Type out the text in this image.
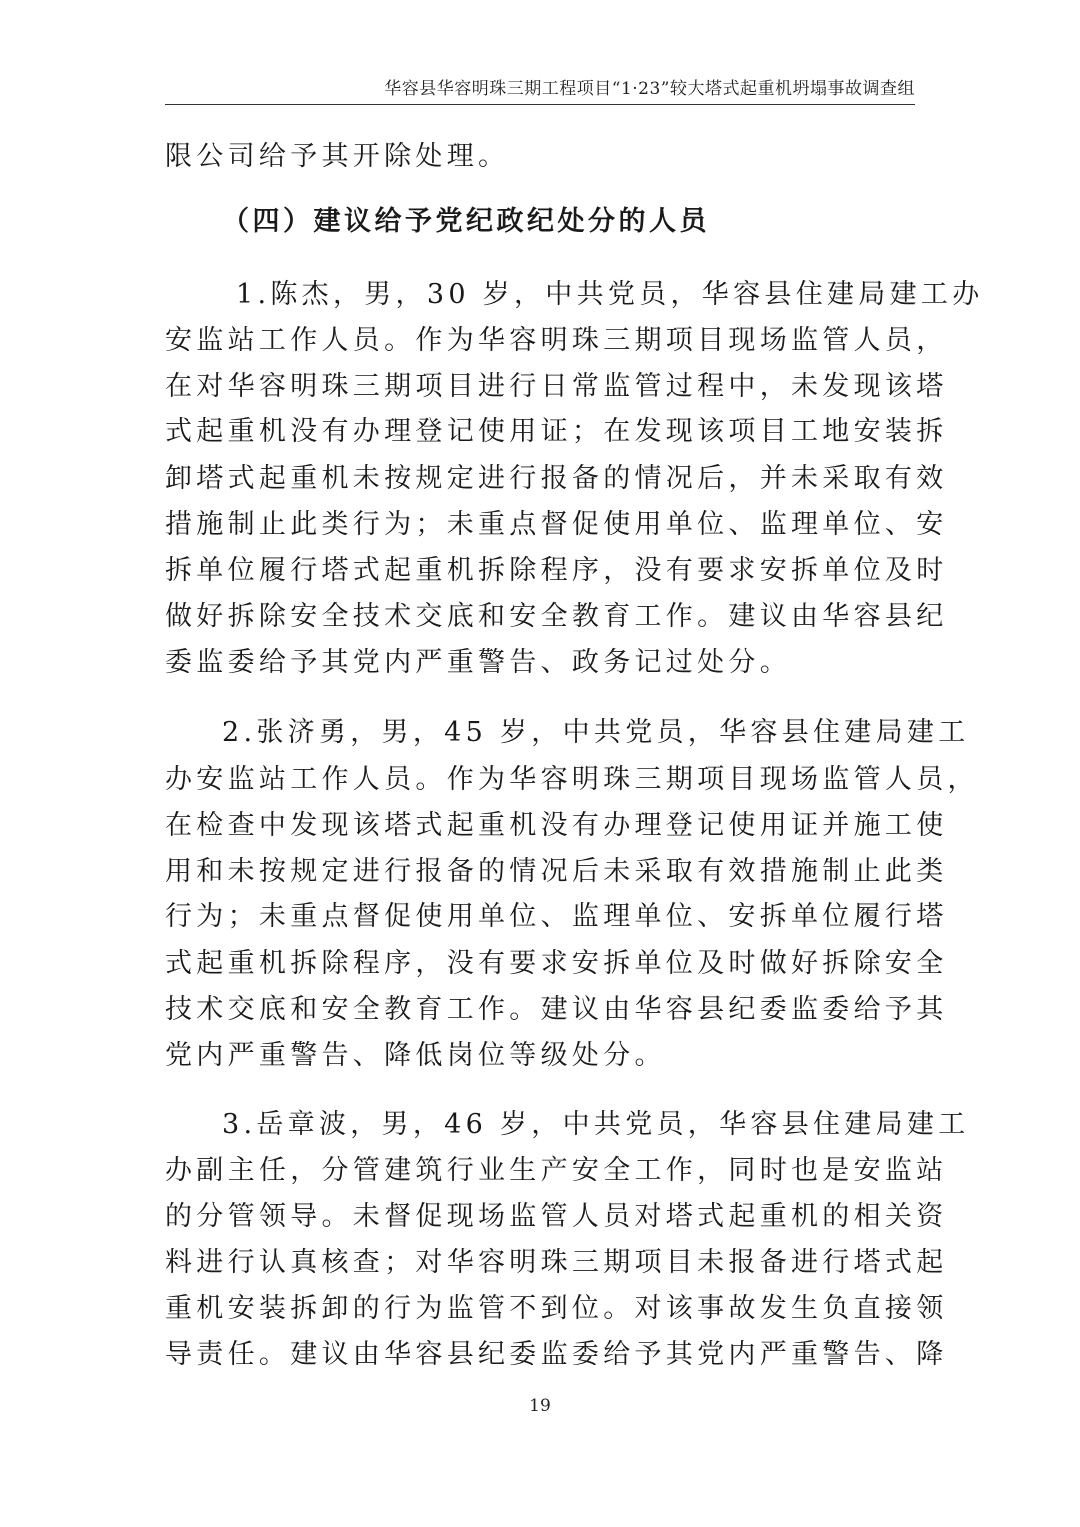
华容县华容明珠三期工程项目“1·23”较大塔式起重机坍塌事故调查组
限公司给予其开除处理。
（四）建议给予党纪政纪处分的人员
1.陈杰，男，30 岁，中共党员，华容县住建局建工办
安监站工作人员。作为华容明珠三期项目现场监管人员，
在对华容明珠三期项目进行日常监管过程中，未发现该塔
式起重机没有办理登记使用证；在发现该项目工地安装拆
卸塔式起重机未按规定进行报备的情况后，并未采取有效
措施制止此类行为；未重点督促使用单位、监理单位、安
拆单位履行塔式起重机拆除程序，没有要求安拆单位及时
做好拆除安全技术交底和安全教育工作。建议由华容县纪
委监委给予其党内严重警告、政务记过处分。
2.张济勇，男，45 岁，中共党员，华容县住建局建工
办安监站工作人员。作为华容明珠三期项目现场监管人员，
在检查中发现该塔式起重机没有办理登记使用证并施工使
用和未按规定进行报备的情况后未采取有效措施制止此类
行为；未重点督促使用单位、监理单位、安拆单位履行塔
式起重机拆除程序，没有要求安拆单位及时做好拆除安全
技术交底和安全教育工作。建议由华容县纪委监委给予其
党内严重警告、降低岗位等级处分。
3.岳章波，男，46 岁，中共党员，华容县住建局建工
办副主任，分管建筑行业生产安全工作，同时也是安监站
的分管领导。未督促现场监管人员对塔式起重机的相关资
料进行认真核查；对华容明珠三期项目未报备进行塔式起
重机安装拆卸的行为监管不到位。对该事故发生负直接领
导责任。建议由华容县纪委监委给予其党内严重警告、降
19
